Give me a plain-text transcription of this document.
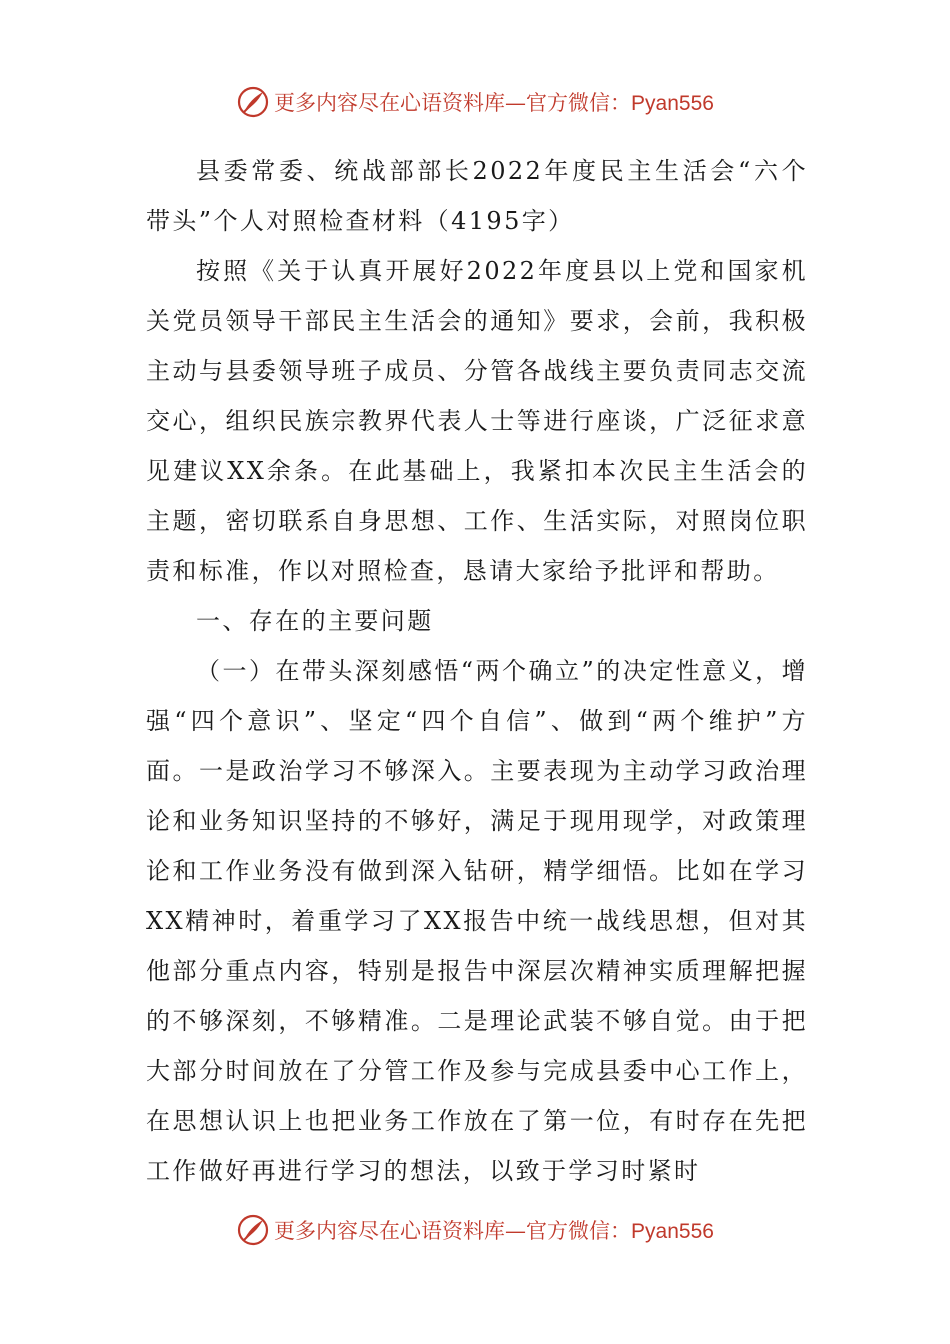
更多内容尽在心语资料库—官方微信：Pyan556

县委常委、统战部部长2022年度民主生活会“六个带头”个人对照检查材料（4195字）

按照《关于认真开展好2022年度县以上党和国家机关党员领导干部民主生活会的通知》要求，会前，我积极主动与县委领导班子成员、分管各战线主要负责同志交流交心，组织民族宗教界代表人士等进行座谈，广泛征求意见建议XX余条。在此基础上，我紧扣本次民主生活会的主题，密切联系自身思想、工作、生活实际，对照岗位职责和标准，作以对照检查，恳请大家给予批评和帮助。

一、存在的主要问题

（一）在带头深刻感悟“两个确立”的决定性意义，增强“四个意识”、坚定“四个自信”、做到“两个维护”方面。一是政治学习不够深入。主要表现为主动学习政治理论和业务知识坚持的不够好，满足于现用现学，对政策理论和工作业务没有做到深入钻研，精学细悟。比如在学习XX精神时，着重学习了XX报告中统一战线思想，但对其他部分重点内容，特别是报告中深层次精神实质理解把握的不够深刻，不够精准。二是理论武装不够自觉。由于把大部分时间放在了分管工作及参与完成县委中心工作上，在思想认识上也把业务工作放在了第一位，有时存在先把工作做好再进行学习的想法，以致于学习时紧时

更多内容尽在心语资料库—官方微信：Pyan556
